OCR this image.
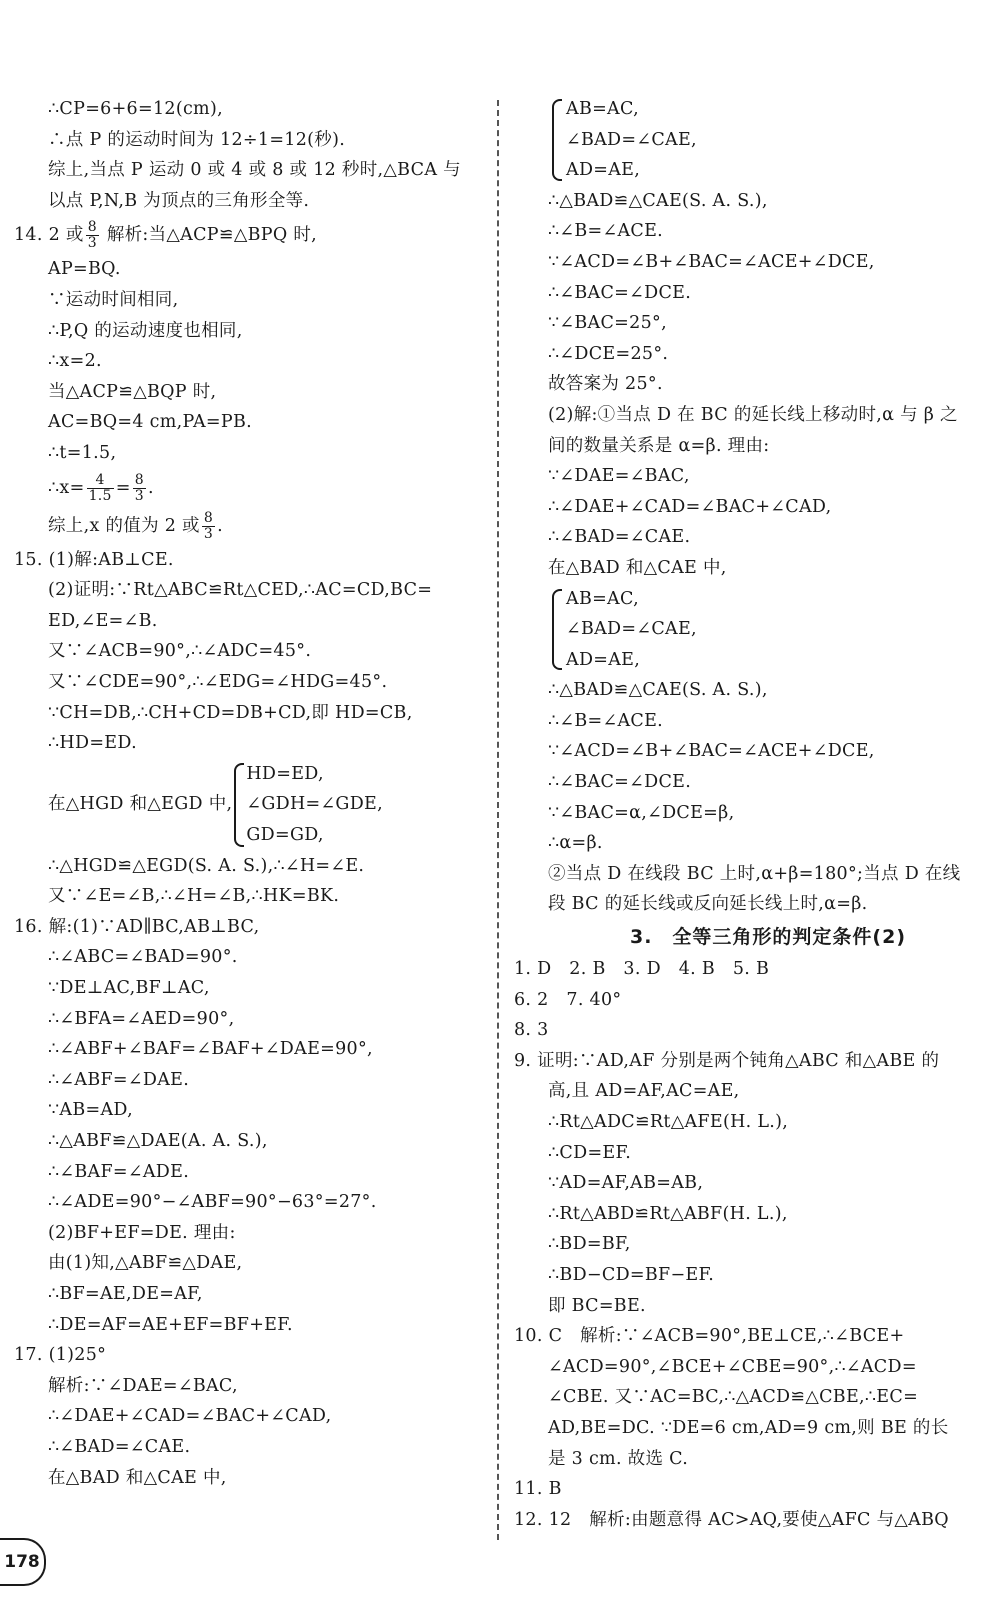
∴CP=6+6=12(cm),
∴点 P 的运动时间为 12÷1=12(秒).
综上,当点 P 运动 0 或 4 或 8 或 12 秒时,△BCA 与
以点 P,N,B 为顶点的三角形全等.
14. 2 或 $\frac{8}{3}$ 解析:当△ACP≌△BPQ 时,
AP=BQ.
∵运动时间相同,
∴P,Q 的运动速度也相同,
∴x=2.
当△ACP≌△BQP 时,
AC=BQ=4 cm,PA=PB.
∴t=1.5,
∴x= $\frac{4}{1.5} = \frac{8}{3}$ .
综上,x 的值为 2 或 $\frac{8}{3}$ .
15. (1)解:AB⊥CE.
(2)证明:∵Rt△ABC≌Rt△CED,∴AC=CD,BC=
ED,∠E=∠B.
又∵∠ACB=90°,∴∠ADC=45°.
又∵∠CDE=90°,∴∠EDG=∠HDG=45°.
∵CH=DB,∴CH+CD=DB+CD,即 HD=CB,
∴HD=ED.
在△HGD 和△EGD 中,
HD=ED,
∠GDH=∠GDE,
GD=GD,
∴△HGD≌△EGD(S. A. S.),∴∠H=∠E.
又∵∠E=∠B,∴∠H=∠B,∴HK=BK.
16. 解:(1)∵AD∥BC,AB⊥BC,
∴∠ABC=∠BAD=90°.
∵DE⊥AC,BF⊥AC,
∴∠BFA=∠AED=90°,
∴∠ABF+∠BAF=∠BAF+∠DAE=90°,
∴∠ABF=∠DAE.
∵AB=AD,
∴△ABF≌△DAE(A. A. S.),
∴∠BAF=∠ADE.
∴∠ADE=90°−∠ABF=90°−63°=27°.
(2)BF+EF=DE. 理由:
由(1)知,△ABF≌△DAE,
∴BF=AE,DE=AF,
∴DE=AF=AE+EF=BF+EF.
17. (1)25°
解析:∵∠DAE=∠BAC,
∴∠DAE+∠CAD=∠BAC+∠CAD,
∴∠BAD=∠CAE.
在△BAD 和△CAE 中,
AB=AC,
∠BAD=∠CAE,
AD=AE,
∴△BAD≌△CAE(S. A. S.),
∴∠B=∠ACE.
∵∠ACD=∠B+∠BAC=∠ACE+∠DCE,
∴∠BAC=∠DCE.
∵∠BAC=25°,
∴∠DCE=25°.
故答案为 25°.
(2)解:①当点 D 在 BC 的延长线上移动时,α 与 β 之
间的数量关系是 α=β. 理由:
∵∠DAE=∠BAC,
∴∠DAE+∠CAD=∠BAC+∠CAD,
∴∠BAD=∠CAE.
在△BAD 和△CAE 中,
AB=AC,
∠BAD=∠CAE,
AD=AE,
∴△BAD≌△CAE(S. A. S.),
∴∠B=∠ACE.
∵∠ACD=∠B+∠BAC=∠ACE+∠DCE,
∴∠BAC=∠DCE.
∵∠BAC=α,∠DCE=β,
∴α=β.
②当点 D 在线段 BC 上时,α+β=180°;当点 D 在线
段 BC 的延长线或反向延长线上时,α=β.
3.　全等三角形的判定条件(2)
1. D　2. B　3. D　4. B　5. B
6. 2　7. 40°
8. 3
9. 证明:∵AD,AF 分别是两个钝角△ABC 和△ABE 的
高,且 AD=AF,AC=AE,
∴Rt△ADC≌Rt△AFE(H. L.),
∴CD=EF.
∵AD=AF,AB=AB,
∴Rt△ABD≌Rt△ABF(H. L.),
∴BD=BF,
∴BD−CD=BF−EF.
即 BC=BE.
10. C　解析:∵∠ACB=90°,BE⊥CE,∴∠BCE+
∠ACD=90°,∠BCE+∠CBE=90°,∴∠ACD=
∠CBE. 又∵AC=BC,∴△ACD≌△CBE,∴EC=
AD,BE=DC. ∵DE=6 cm,AD=9 cm,则 BE 的长
是 3 cm. 故选 C.
11. B
12. 12　解析:由题意得 AC>AQ,要使△AFC 与△ABQ
178
